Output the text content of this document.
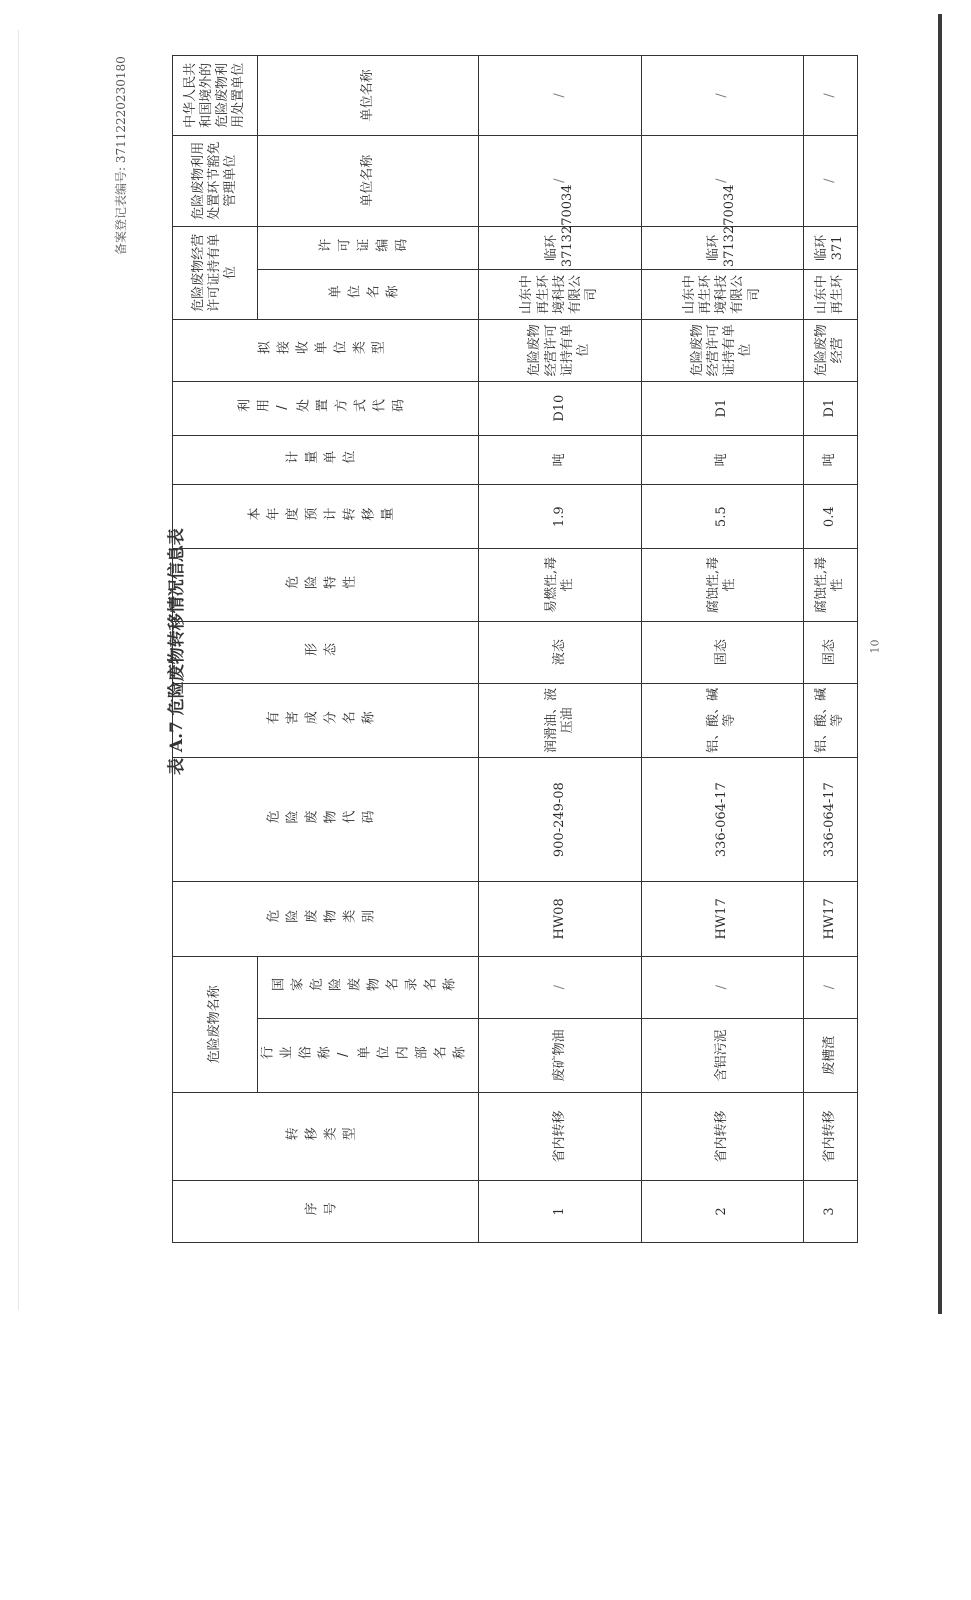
备案登记表编号: 37112220230180
表 A.7 危险废物转移情况信息表	10
序号	转移类型	危险废物名称		危险废物类别	危险废物代码	有害成分名称	形态	危险特性	本年度预计转移量	计量单位	利用/处置方式代码	拟接收单位类型	危险废物经营许可证持有单位		危险废物利用处置环节豁免管理单位	中华人民共和国境外的危险废物利用处置单位
		行业俗称/单位内部名称	国家危险废物名录名称										单位名称	许可证编码	单位名称	单位名称
1	省内转移	废矿物油	/	HW08	900-249-08	润滑油、液压油	液态	易燃性,毒性	1.9	吨	D10	危险废物经营许可证持有单位	山东中再生环境科技有限公司	临环3713270034	/	/
2	省内转移	含铝污泥	/	HW17	336-064-17	铝、酸、碱等	固态	腐蚀性,毒性	5.5	吨	D1	危险废物经营许可证持有单位	山东中再生环境科技有限公司	临环3713270034	/	/
3	省内转移	废槽渣	/	HW17	336-064-17	铝、酸、碱等	固态	腐蚀性,毒性	0.4	吨	D1	危险废物经营	山东中再生环	临环371	/	/
